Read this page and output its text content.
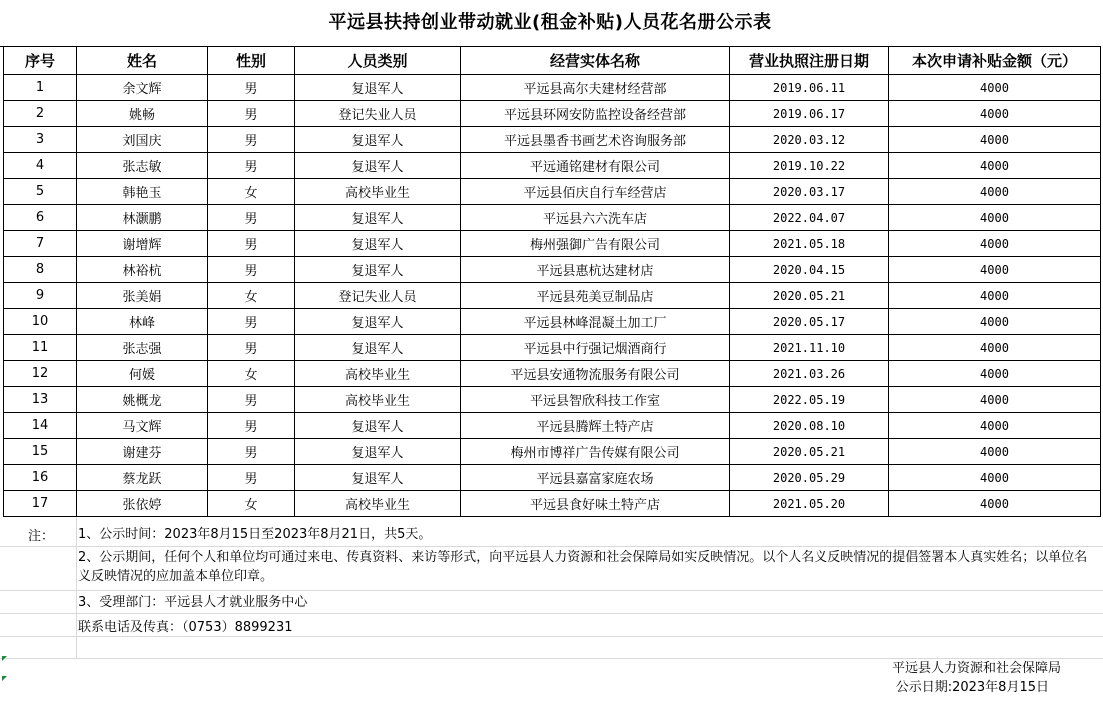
平远县扶持创业带动就业(租金补贴)人员花名册公示表
序号	姓名	性别	人员类别	经营实体名称	营业执照注册日期	本次申请补贴金额（元）
1	余文辉	男	复退军人	平远县高尔夫建材经营部	2019.06.11	4000
2	姚畅	男	登记失业人员	平远县环网安防监控设备经营部	2019.06.17	4000
3	刘国庆	男	复退军人	平远县墨香书画艺术咨询服务部	2020.03.12	4000
4	张志敏	男	复退军人	平远通铭建材有限公司	2019.10.22	4000
5	韩艳玉	女	高校毕业生	平远县佰庆自行车经营店	2020.03.17	4000
6	林灏鹏	男	复退军人	平远县六六洗车店	2022.04.07	4000
7	谢增辉	男	复退军人	梅州强御广告有限公司	2021.05.18	4000
8	林裕杭	男	复退军人	平远县惠杭达建材店	2020.04.15	4000
9	张美娟	女	登记失业人员	平远县苑美豆制品店	2020.05.21	4000
10	林峰	男	复退军人	平远县林峰混凝土加工厂	2020.05.17	4000
11	张志强	男	复退军人	平远县中行强记烟酒商行	2021.11.10	4000
12	何媛	女	高校毕业生	平远县安通物流服务有限公司	2021.03.26	4000
13	姚概龙	男	高校毕业生	平远县智欣科技工作室	2022.05.19	4000
14	马文辉	男	复退军人	平远县腾辉土特产店	2020.08.10	4000
15	谢建芬	男	复退军人	梅州市博祥广告传媒有限公司	2020.05.21	4000
16	蔡龙跃	男	复退军人	平远县嘉富家庭农场	2020.05.29	4000
17	张依婷	女	高校毕业生	平远县食好味土特产店	2021.05.20	4000
注： 1、公示时间：2023年8月15日至2023年8月21日，共5天。
2、公示期间，任何个人和单位均可通过来电、传真资料、来访等形式，向平远县人力资源和社会保障局如实反映情况。以个人名义反映情况的提倡签署本人真实姓名；以单位名义反映情况的应加盖本单位印章。
3、受理部门：平远县人才就业服务中心
联系电话及传真：（0753）8899231
平远县人力资源和社会保障局
公示日期:2023年8月15日
